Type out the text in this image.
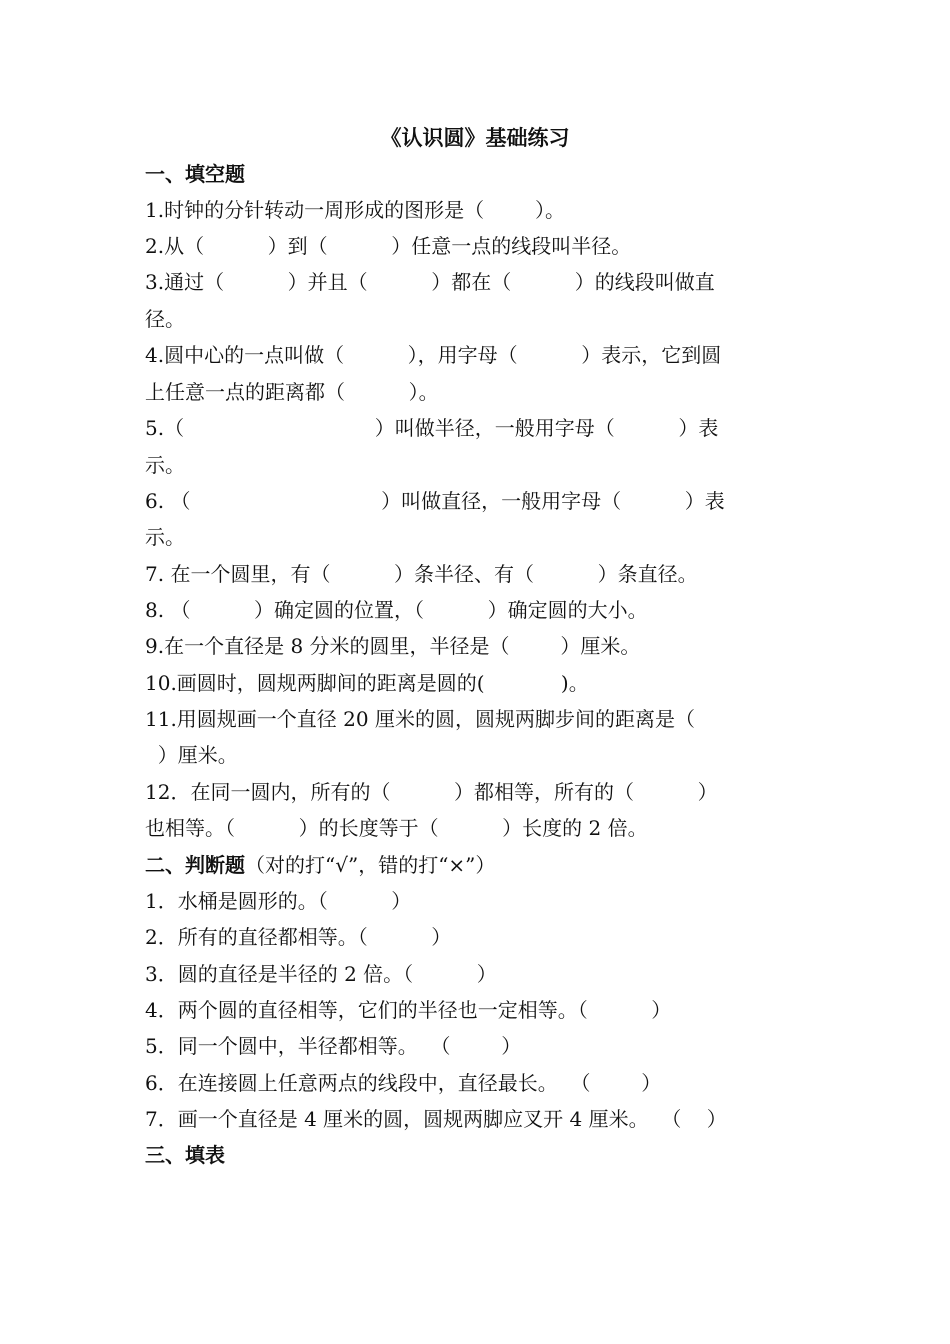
《认识圆》基础练习
一、填空题
1.时钟的分针转动一周形成的图形是（        ）。
2.从（          ）到（          ）任意一点的线段叫半径。
3.通过（          ）并且（          ）都在（          ）的线段叫做直
径。
4.圆中心的一点叫做（          ），用字母（          ）表示，它到圆
上任意一点的距离都（          ）。
5.（                              ）叫做半径，一般用字母（          ）表
示。
6. （                              ）叫做直径，一般用字母（          ）表
示。
7. 在一个圆里，有（          ）条半径、有（          ）条直径。
8. （          ）确定圆的位置，（          ）确定圆的大小。
9.在一个直径是 8 分米的圆里，半径是（        ）厘米。
10.画圆时，圆规两脚间的距离是圆的(            )。
11.用圆规画一个直径 20 厘米的圆，圆规两脚步间的距离是（
）厘米。
12．在同一圆内，所有的（          ）都相等，所有的（          ）
也相等。（          ）的长度等于（          ）长度的 2 倍。
二、判断题（对的打“√”，错的打“×”）
1．水桶是圆形的。（          ）
2．所有的直径都相等。（          ）
3．圆的直径是半径的 2 倍。（          ）
4．两个圆的直径相等，它们的半径也一定相等。（          ）
5．同一个圆中，半径都相等。  （        ）
6．在连接圆上任意两点的线段中，直径最长。  （        ）
7．画一个直径是 4 厘米的圆，圆规两脚应叉开 4 厘米。  （    ）
三、填表
